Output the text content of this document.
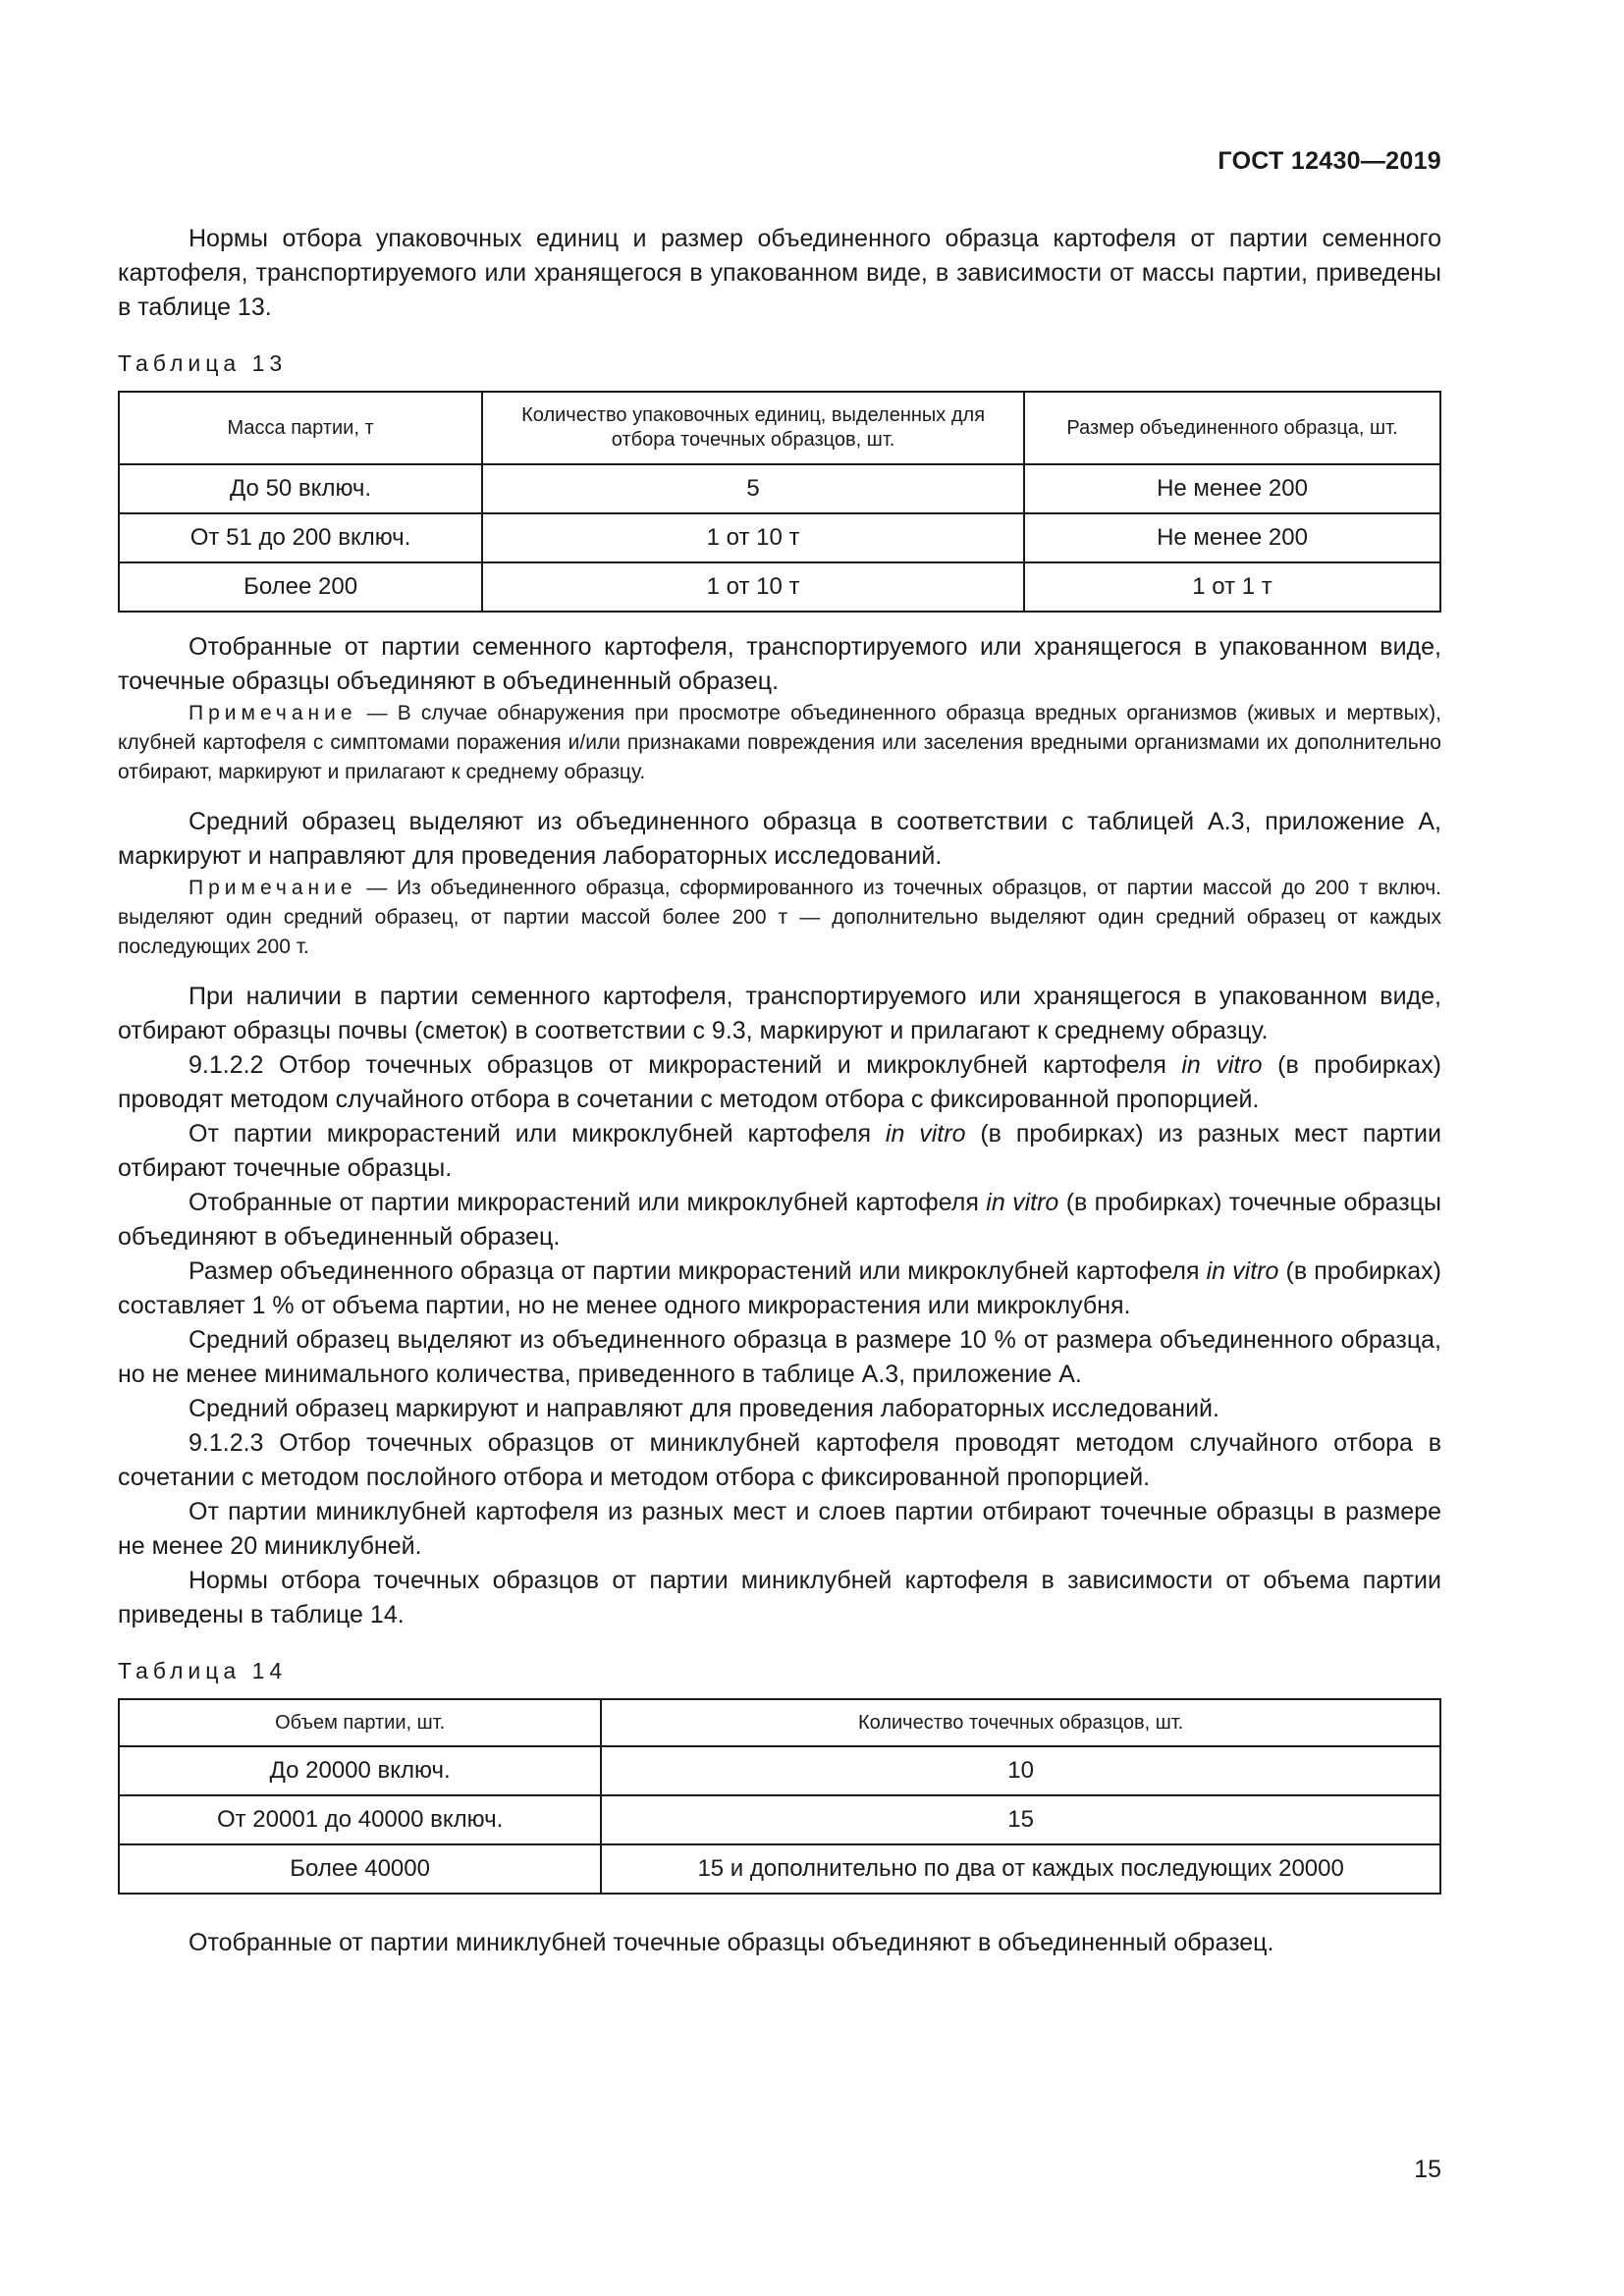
ГОСТ 12430—2019

Нормы отбора упаковочных единиц и размер объединенного образца картофеля от партии семенного картофеля, транспортируемого или хранящегося в упакованном виде, в зависимости от массы партии, приведены в таблице 13.

Таблица 13
Масса партии, т	Количество упаковочных единиц, выделенных для отбора точечных образцов, шт.	Размер объединенного образца, шт.
До 50 включ.	5	Не менее 200
От 51 до 200 включ.	1 от 10 т	Не менее 200
Более 200	1 от 10 т	1 от 1 т

Отобранные от партии семенного картофеля, транспортируемого или хранящегося в упакованном виде, точечные образцы объединяют в объединенный образец.

Примечание — В случае обнаружения при просмотре объединенного образца вредных организмов (живых и мертвых), клубней картофеля с симптомами поражения и/или признаками повреждения или заселения вредными организмами их дополнительно отбирают, маркируют и прилагают к среднему образцу.

Средний образец выделяют из объединенного образца в соответствии с таблицей А.3, приложение А, маркируют и направляют для проведения лабораторных исследований.

Примечание — Из объединенного образца, сформированного из точечных образцов, от партии массой до 200 т включ. выделяют один средний образец, от партии массой более 200 т — дополнительно выделяют один средний образец от каждых последующих 200 т.

При наличии в партии семенного картофеля, транспортируемого или хранящегося в упакованном виде, отбирают образцы почвы (сметок) в соответствии с 9.3, маркируют и прилагают к среднему образцу.

9.1.2.2 Отбор точечных образцов от микрорастений и микроклубней картофеля in vitro (в пробирках) проводят методом случайного отбора в сочетании с методом отбора с фиксированной пропорцией.

От партии микрорастений или микроклубней картофеля in vitro (в пробирках) из разных мест партии отбирают точечные образцы.

Отобранные от партии микрорастений или микроклубней картофеля in vitro (в пробирках) точечные образцы объединяют в объединенный образец.

Размер объединенного образца от партии микрорастений или микроклубней картофеля in vitro (в пробирках) составляет 1 % от объема партии, но не менее одного микрорастения или микроклубня.

Средний образец выделяют из объединенного образца в размере 10 % от размера объединенного образца, но не менее минимального количества, приведенного в таблице А.3, приложение А.

Средний образец маркируют и направляют для проведения лабораторных исследований.

9.1.2.3 Отбор точечных образцов от миниклубней картофеля проводят методом случайного отбора в сочетании с методом послойного отбора и методом отбора с фиксированной пропорцией.

От партии миниклубней картофеля из разных мест и слоев партии отбирают точечные образцы в размере не менее 20 миниклубней.

Нормы отбора точечных образцов от партии миниклубней картофеля в зависимости от объема партии приведены в таблице 14.

Таблица 14
Объем партии, шт.	Количество точечных образцов, шт.
До 20000 включ.	10
От 20001 до 40000 включ.	15
Более 40000	15 и дополнительно по два от каждых последующих 20000

Отобранные от партии миниклубней точечные образцы объединяют в объединенный образец.

15
